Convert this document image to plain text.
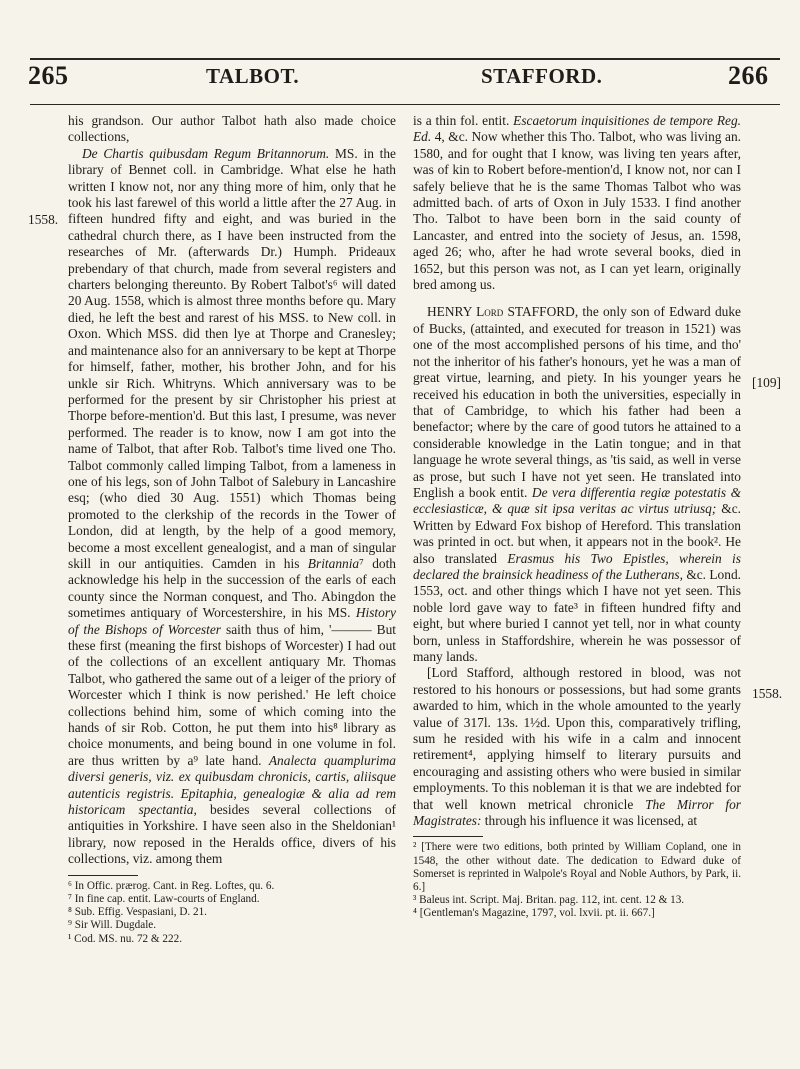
265	TALBOT.	STAFFORD.	266
1558.
[109]
1558.

his grandson. Our author Talbot hath also made choice collections,

De Chartis quibusdam Regum Britannorum. MS. in the library of Bennet coll. in Cambridge. What else he hath written I know not, nor any thing more of him, only that he took his last farewel of this world a little after the 27 Aug. in fifteen hundred fifty and eight, and was buried in the cathedral church there, as I have been instructed from the researches of Mr. (afterwards Dr.) Humph. Prideaux prebendary of that church, made from several registers and charters belonging thereunto. By Robert Talbot's⁶ will dated 20 Aug. 1558, which is almost three months before qu. Mary died, he left the best and rarest of his MSS. to New coll. in Oxon. Which MSS. did then lye at Thorpe and Cranesley; and maintenance also for an anniversary to be kept at Thorpe for himself, father, mother, his brother John, and for his unkle sir Rich. Whitryns. Which anniversary was to be performed for the present by sir Christopher his priest at Thorpe before-mention'd. But this last, I presume, was never performed. The reader is to know, now I am got into the name of Talbot, that after Rob. Talbot's time lived one Tho. Talbot commonly called limping Talbot, from a lameness in one of his legs, son of John Talbot of Salebury in Lancashire esq; (who died 30 Aug. 1551) which Thomas being promoted to the clerkship of the records in the Tower of London, did at length, by the help of a good memory, become a most excellent genealogist, and a man of singular skill in our antiquities. Camden in his Britannia⁷ doth acknowledge his help in the succession of the earls of each county since the Norman conquest, and Tho. Abingdon the sometimes antiquary of Worcestershire, in his MS. History of the Bishops of Worcester saith thus of him, '——— But these first (meaning the first bishops of Worcester) I had out of the collections of an excellent antiquary Mr. Thomas Talbot, who gathered the same out of a leiger of the priory of Worcester which I think is now perished.' He left choice collections behind him, some of which coming into the hands of sir Rob. Cotton, he put them into his⁸ library as choice monuments, and being bound in one volume in fol. are thus written by a⁹ late hand. Analecta quamplurima diversi generis, viz. ex quibusdam chronicis, cartis, aliisque autenticis registris. Epitaphia, genealogiæ & alia ad rem historicam spectantia, besides several collections of antiquities in Yorkshire. I have seen also in the Sheldonian¹ library, now reposed in the Heralds office, divers of his collections, viz. among them

⁶ In Offic. prærog. Cant. in Reg. Loftes, qu. 6.

⁷ In fine cap. entit. Law-courts of England.

⁸ Sub. Effig. Vespasiani, D. 21.

⁹ Sir Will. Dugdale.

¹ Cod. MS. nu. 72 & 222.

is a thin fol. entit. Escaetorum inquisitiones de tempore Reg. Ed. 4, &c. Now whether this Tho. Talbot, who was living an. 1580, and for ought that I know, was living ten years after, was of kin to Robert before-mention'd, I know not, nor can I safely believe that he is the same Thomas Talbot who was admitted bach. of arts of Oxon in July 1533. I find another Tho. Talbot to have been born in the said county of Lancaster, and entred into the society of Jesus, an. 1598, aged 26; who, after he had wrote several books, died in 1652, but this person was not, as I can yet learn, originally bred among us.

HENRY Lord STAFFORD, the only son of Edward duke of Bucks, (attainted, and executed for treason in 1521) was one of the most accomplished persons of his time, and tho' not the inheritor of his father's honours, yet he was a man of great virtue, learning, and piety. In his younger years he received his education in both the universities, especially in that of Cambridge, to which his father had been a benefactor; where by the care of good tutors he attained to a considerable knowledge in the Latin tongue; and in that language he wrote several things, as 'tis said, as well in verse as prose, but such I have not yet seen. He translated into English a book entit. De vera differentia regiæ potestatis & ecclesiasticæ, & quæ sit ipsa veritas ac virtus utriusq; &c. Written by Edward Fox bishop of Hereford. This translation was printed in oct. but when, it appears not in the book². He also translated Erasmus his Two Epistles, wherein is declared the brainsick headiness of the Lutherans, &c. Lond. 1553, oct. and other things which I have not yet seen. This noble lord gave way to fate³ in fifteen hundred fifty and eight, but where buried I cannot yet tell, nor in what county born, unless in Staffordshire, wherein he was possessor of many lands.

[Lord Stafford, although restored in blood, was not restored to his honours or possessions, but had some grants awarded to him, which in the whole amounted to the yearly value of 317l. 13s. 1½d. Upon this, comparatively trifling, sum he resided with his wife in a calm and innocent retirement⁴, applying himself to literary pursuits and encouraging and assisting others who were busied in similar employments. To this nobleman it is that we are indebted for that well known metrical chronicle The Mirror for Magistrates: through his influence it was licensed, at

² [There were two editions, both printed by William Copland, one in 1548, the other without date. The dedication to Edward duke of Somerset is reprinted in Walpole's Royal and Noble Authors, by Park, ii. 6.]

³ Baleus int. Script. Maj. Britan. pag. 112, int. cent. 12 & 13.

⁴ [Gentleman's Magazine, 1797, vol. lxvii. pt. ii. 667.]
